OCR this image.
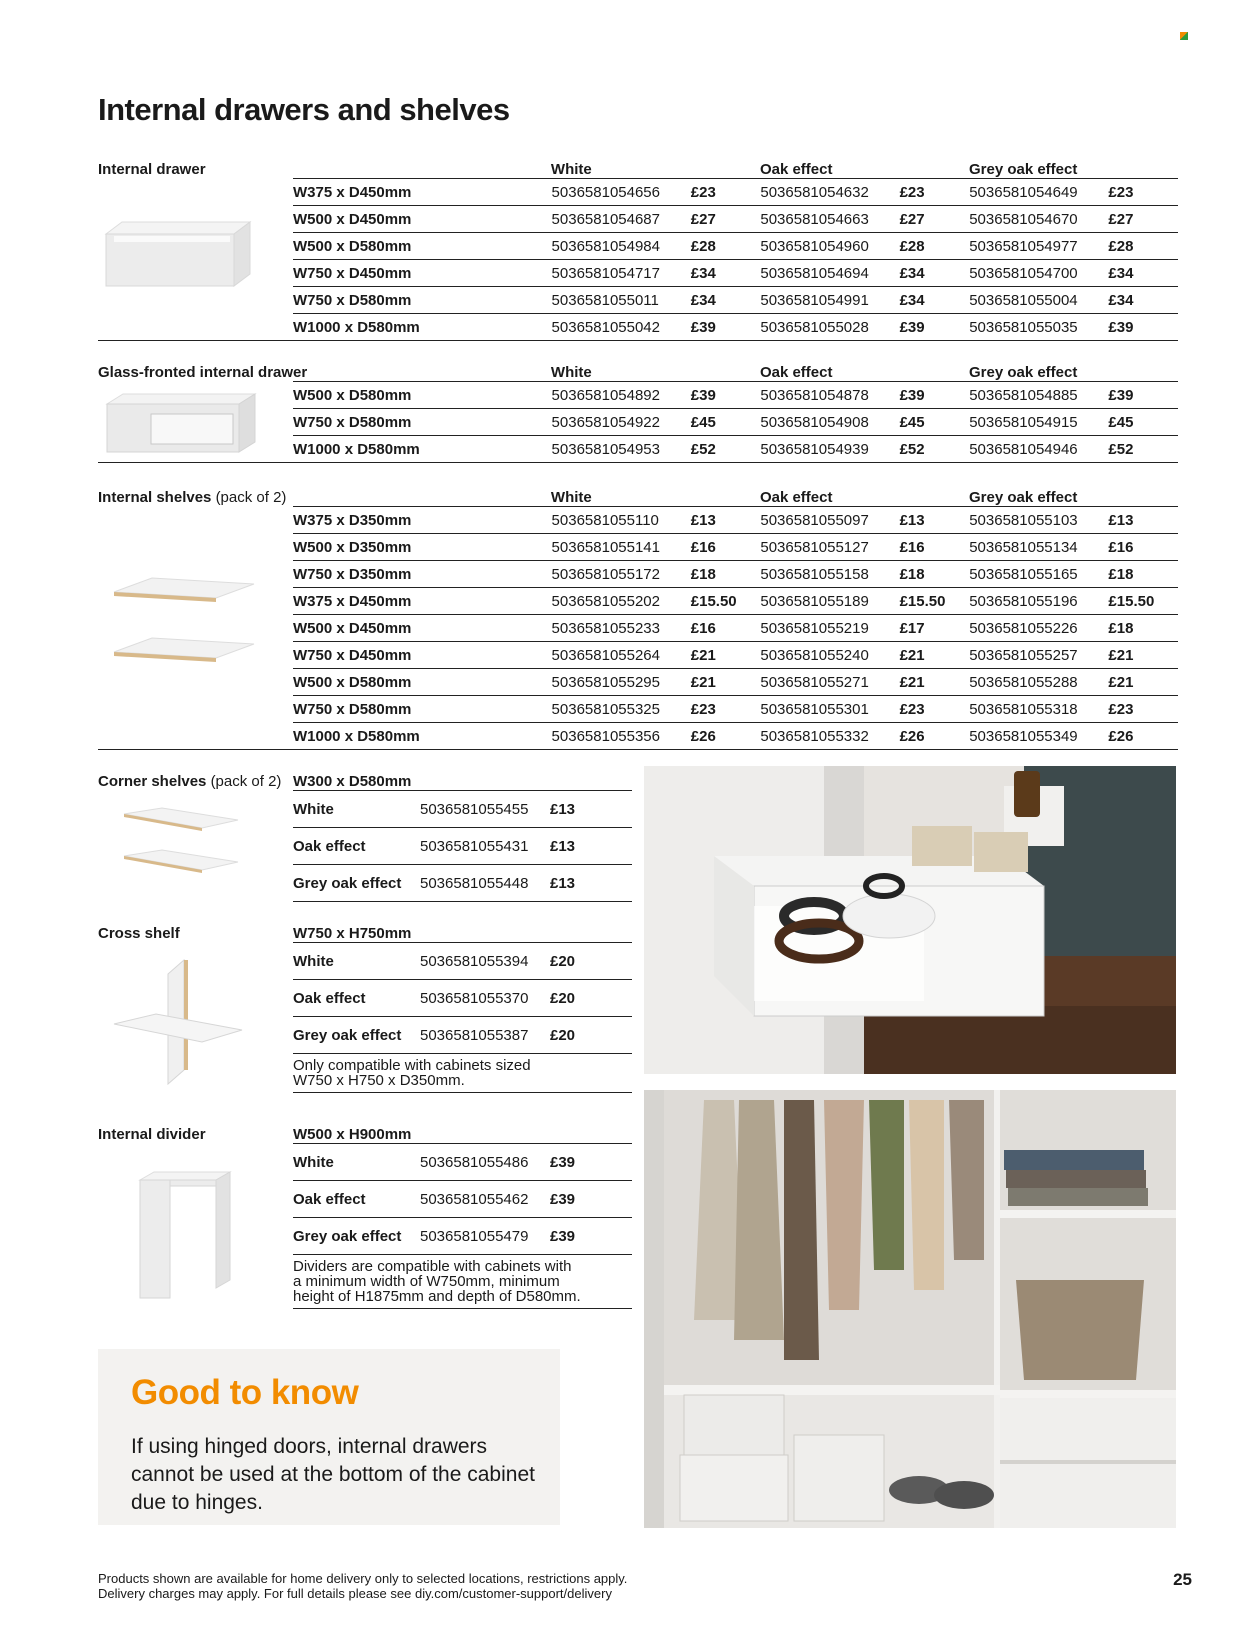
Internal drawers and shelves
Internal drawer	White	Oak effect	Grey oak effect
W375 x D450mm	5036581054656	£23	5036581054632	£23	5036581054649	£23
W500 x D450mm	5036581054687	£27	5036581054663	£27	5036581054670	£27
W500 x D580mm	5036581054984	£28	5036581054960	£28	5036581054977	£28
W750 x D450mm	5036581054717	£34	5036581054694	£34	5036581054700	£34
W750 x D580mm	5036581055011	£34	5036581054991	£34	5036581055004	£34
W1000 x D580mm	5036581055042	£39	5036581055028	£39	5036581055035	£39
Glass-fronted internal drawer	White	Oak effect	Grey oak effect
W500 x D580mm	5036581054892	£39	5036581054878	£39	5036581054885	£39
W750 x D580mm	5036581054922	£45	5036581054908	£45	5036581054915	£45
W1000 x D580mm	5036581054953	£52	5036581054939	£52	5036581054946	£52
Internal shelves (pack of 2)	White	Oak effect	Grey oak effect
W375 x D350mm	5036581055110	£13	5036581055097	£13	5036581055103	£13
W500 x D350mm	5036581055141	£16	5036581055127	£16	5036581055134	£16
W750 x D350mm	5036581055172	£18	5036581055158	£18	5036581055165	£18
W375 x D450mm	5036581055202	£15.50	5036581055189	£15.50	5036581055196	£15.50
W500 x D450mm	5036581055233	£16	5036581055219	£17	5036581055226	£18
W750 x D450mm	5036581055264	£21	5036581055240	£21	5036581055257	£21
W500 x D580mm	5036581055295	£21	5036581055271	£21	5036581055288	£21
W750 x D580mm	5036581055325	£23	5036581055301	£23	5036581055318	£23
W1000 x D580mm	5036581055356	£26	5036581055332	£26	5036581055349	£26
Corner shelves (pack of 2) W300 x D580mm
White	5036581055455	£13
Oak effect	5036581055431	£13
Grey oak effect	5036581055448	£13
Cross shelf	W750 x H750mm
White	5036581055394	£20
Oak effect	5036581055370	£20
Grey oak effect	5036581055387	£20
Only compatible with cabinets sized
W750 x H750 x D350mm.
Internal divider	W500 x H900mm
White	5036581055486	£39
Oak effect	5036581055462	£39
Grey oak effect	5036581055479	£39
Dividers are compatible with cabinets with
a minimum width of W750mm, minimum
height of H1875mm and depth of D580mm.
Good to know

If using hinged doors, internal drawers cannot be used at the bottom of the cabinet due to hinges.

Products shown are available for home delivery only to selected locations, restrictions apply.
Delivery charges may apply. For full details please see diy.com/customer-support/delivery
25
